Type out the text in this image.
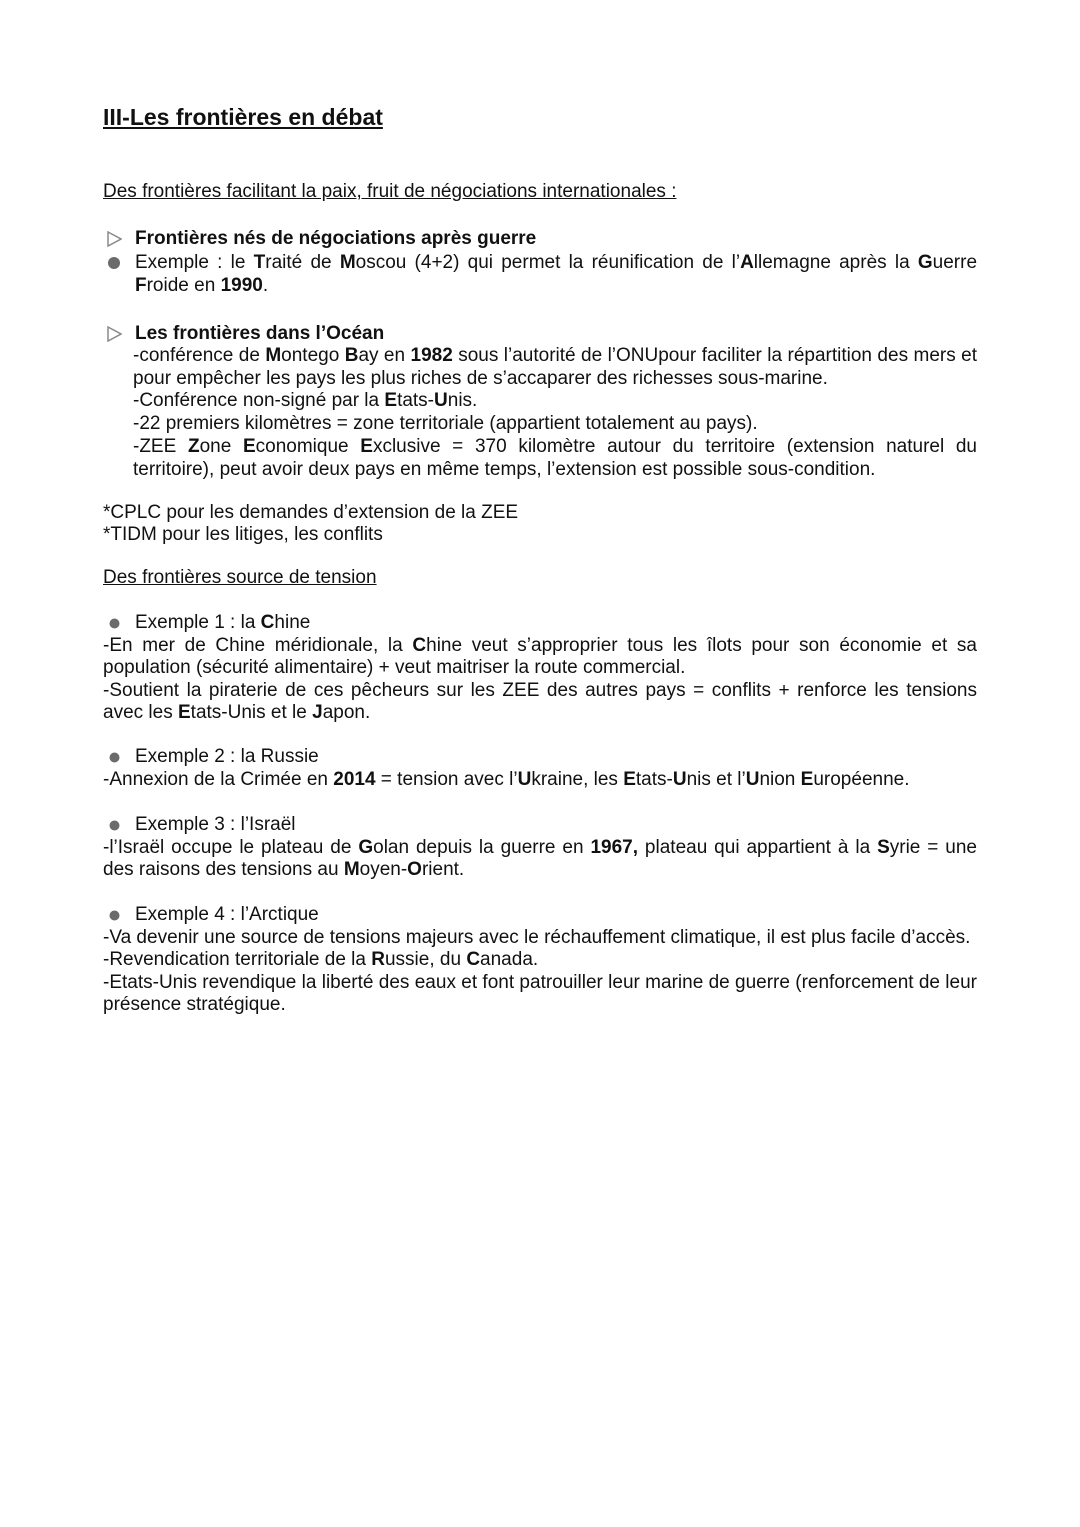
III-Les frontières en débat
Des frontières facilitant la paix, fruit de négociations internationales :
Frontières nés de négociations après guerre
Exemple : le Traité de Moscou (4+2) qui permet la réunification de l’Allemagne après la Guerre Froide en 1990.
Les frontières dans l’Océan
-conférence de Montego Bay en 1982 sous l’autorité de l’ONUpour faciliter la répartition des mers et pour empêcher les pays les plus riches de s’accaparer des richesses sous-marine.
-Conférence non-signé par la Etats-Unis.
-22 premiers kilomètres = zone territoriale (appartient totalement au pays).
-ZEE Zone Economique Exclusive = 370 kilomètre autour du territoire (extension naturel du territoire), peut avoir deux pays en même temps, l’extension est possible sous-condition.
*CPLC pour les demandes d’extension de la ZEE
*TIDM pour les litiges, les conflits
Des frontières source de tension
Exemple 1 : la Chine
-En mer de Chine méridionale, la Chine veut s’approprier tous les îlots pour son économie et sa population (sécurité alimentaire) + veut maitriser la route commercial.
-Soutient la piraterie de ces pêcheurs sur les ZEE des autres pays = conflits + renforce les tensions avec les Etats-Unis et le Japon.
Exemple 2 : la Russie
-Annexion de la Crimée en 2014 = tension avec l’Ukraine, les Etats-Unis et l’Union Européenne.
Exemple 3 : l’Israël
-l’Israël occupe le plateau de Golan depuis la guerre en 1967, plateau qui appartient à la Syrie = une des raisons des tensions au Moyen-Orient.
Exemple 4 : l’Arctique
-Va devenir une source de tensions majeurs avec le réchauffement climatique, il est plus facile d’accès.
-Revendication territoriale de la Russie, du Canada.
-Etats-Unis revendique la liberté des eaux et font patrouiller leur marine de guerre (renforcement de leur présence stratégique.
